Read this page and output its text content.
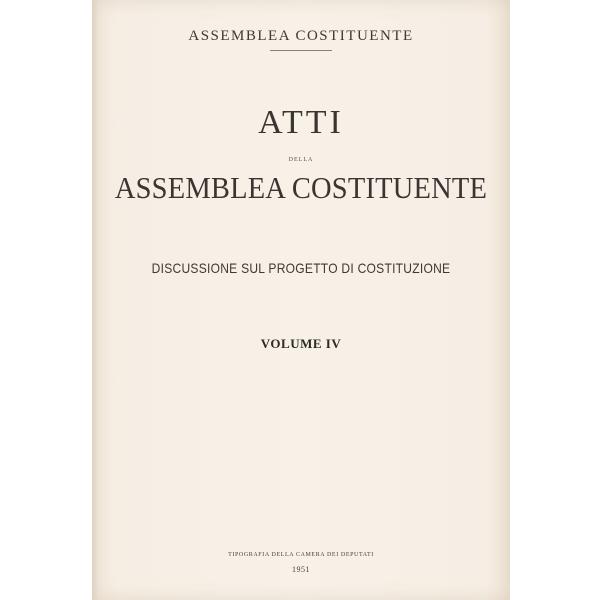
ASSEMBLEA COSTITUENTE
ATTI
DELLA
ASSEMBLEA COSTITUENTE
DISCUSSIONE SUL PROGETTO DI COSTITUZIONE
VOLUME IV
TIPOGRAFIA DELLA CAMERA DEI DEPUTATI
1951
